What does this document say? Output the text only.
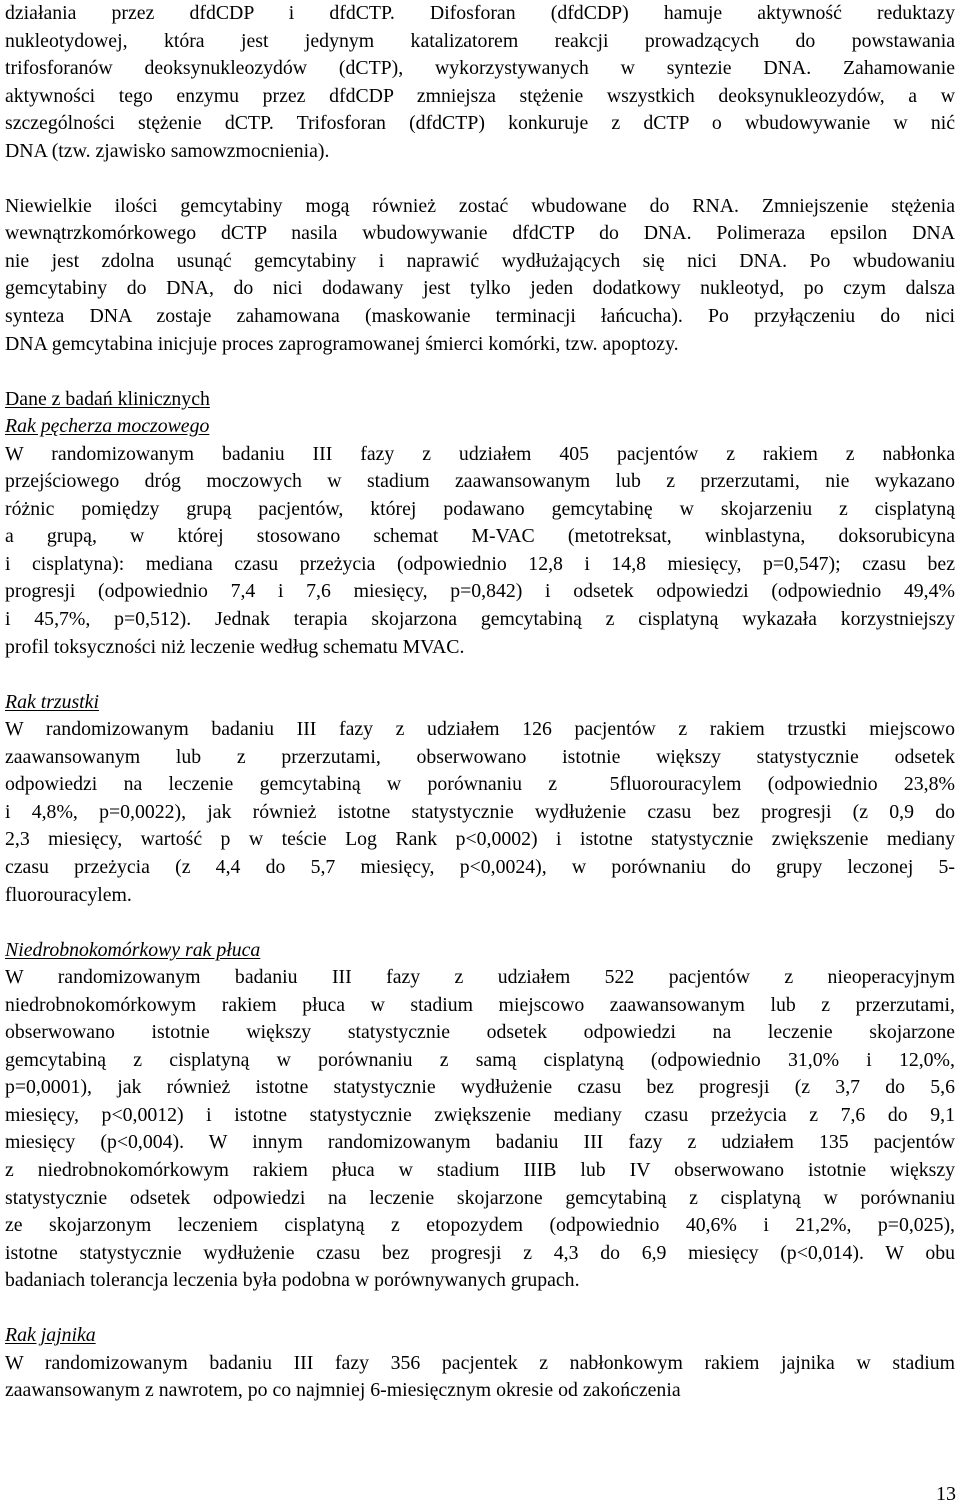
działania przez dfdCDP i dfdCTP. Difosforan (dfdCDP) hamuje aktywność reduktazy
nukleotydowej, która jest jedynym katalizatorem reakcji prowadzących do powstawania
trifosforanów deoksynukleozydów (dCTP), wykorzystywanych w syntezie DNA. Zahamowanie
aktywności tego enzymu przez dfdCDP zmniejsza stężenie wszystkich deoksynukleozydów, a w
szczególności stężenie dCTP. Trifosforan (dfdCTP) konkuruje z dCTP o wbudowywanie w nić
DNA (tzw. zjawisko samowzmocnienia).
Niewielkie ilości gemcytabiny mogą również zostać wbudowane do RNA. Zmniejszenie stężenia
wewnątrzkomórkowego dCTP nasila wbudowywanie dfdCTP do DNA. Polimeraza epsilon DNA
nie jest zdolna usunąć gemcytabiny i naprawić wydłużających się nici DNA. Po wbudowaniu
gemcytabiny do DNA, do nici dodawany jest tylko jeden dodatkowy nukleotyd, po czym dalsza
synteza DNA zostaje zahamowana (maskowanie terminacji łańcucha). Po przyłączeniu do nici
DNA gemcytabina inicjuje proces zaprogramowanej śmierci komórki, tzw. apoptozy.
Dane z badań klinicznych
Rak pęcherza moczowego
W randomizowanym badaniu III fazy z udziałem 405 pacjentów z rakiem z nabłonka
przejściowego dróg moczowych w stadium zaawansowanym lub z przerzutami, nie wykazano
różnic pomiędzy grupą pacjentów, której podawano gemcytabinę w skojarzeniu z cisplatyną
a grupą, w której stosowano schemat M-VAC (metotreksat, winblastyna, doksorubicyna
i cisplatyna): mediana czasu przeżycia (odpowiednio 12,8 i 14,8 miesięcy, p=0,547); czasu bez
progresji (odpowiednio 7,4 i 7,6 miesięcy, p=0,842) i odsetek odpowiedzi (odpowiednio 49,4%
i 45,7%, p=0,512). Jednak terapia skojarzona gemcytabiną z cisplatyną wykazała korzystniejszy
profil toksyczności niż leczenie według schematu MVAC.
Rak trzustki
W randomizowanym badaniu III fazy z udziałem 126 pacjentów z rakiem trzustki miejscowo
zaawansowanym lub z przerzutami, obserwowano istotnie większy statystycznie odsetek
odpowiedzi na leczenie gemcytabiną w porównaniu z  5fluorouracylem (odpowiednio 23,8%
i 4,8%, p=0,0022), jak również istotne statystycznie wydłużenie czasu bez progresji (z 0,9 do
2,3 miesięcy, wartość p w teście Log Rank p<0,0002) i istotne statystycznie zwiększenie mediany
czasu przeżycia (z 4,4 do 5,7 miesięcy, p<0,0024), w porównaniu do grupy leczonej 5-
fluorouracylem.
Niedrobnokomórkowy rak płuca
W randomizowanym badaniu III fazy z udziałem 522 pacjentów z nieoperacyjnym
niedrobnokomórkowym rakiem płuca w stadium miejscowo zaawansowanym lub z przerzutami,
obserwowano istotnie większy statystycznie odsetek odpowiedzi na leczenie skojarzone
gemcytabiną z cisplatyną w porównaniu z samą cisplatyną (odpowiednio 31,0% i 12,0%,
p=0,0001), jak również istotne statystycznie wydłużenie czasu bez progresji (z 3,7 do 5,6
miesięcy, p<0,0012) i istotne statystycznie zwiększenie mediany czasu przeżycia z 7,6 do 9,1
miesięcy (p<0,004). W innym randomizowanym badaniu III fazy z udziałem 135 pacjentów
z niedrobnokomórkowym rakiem płuca w stadium IIIB lub IV obserwowano istotnie większy
statystycznie odsetek odpowiedzi na leczenie skojarzone gemcytabiną z cisplatyną w porównaniu
ze skojarzonym leczeniem cisplatyną z etopozydem (odpowiednio 40,6% i 21,2%, p=0,025),
istotne statystycznie wydłużenie czasu bez progresji z 4,3 do 6,9 miesięcy (p<0,014). W obu
badaniach tolerancja leczenia była podobna w porównywanych grupach.
Rak jajnika
W randomizowanym badaniu III fazy 356 pacjentek z nabłonkowym rakiem jajnika w stadium
zaawansowanym z nawrotem, po co najmniej 6-miesięcznym okresie od zakończenia
13
